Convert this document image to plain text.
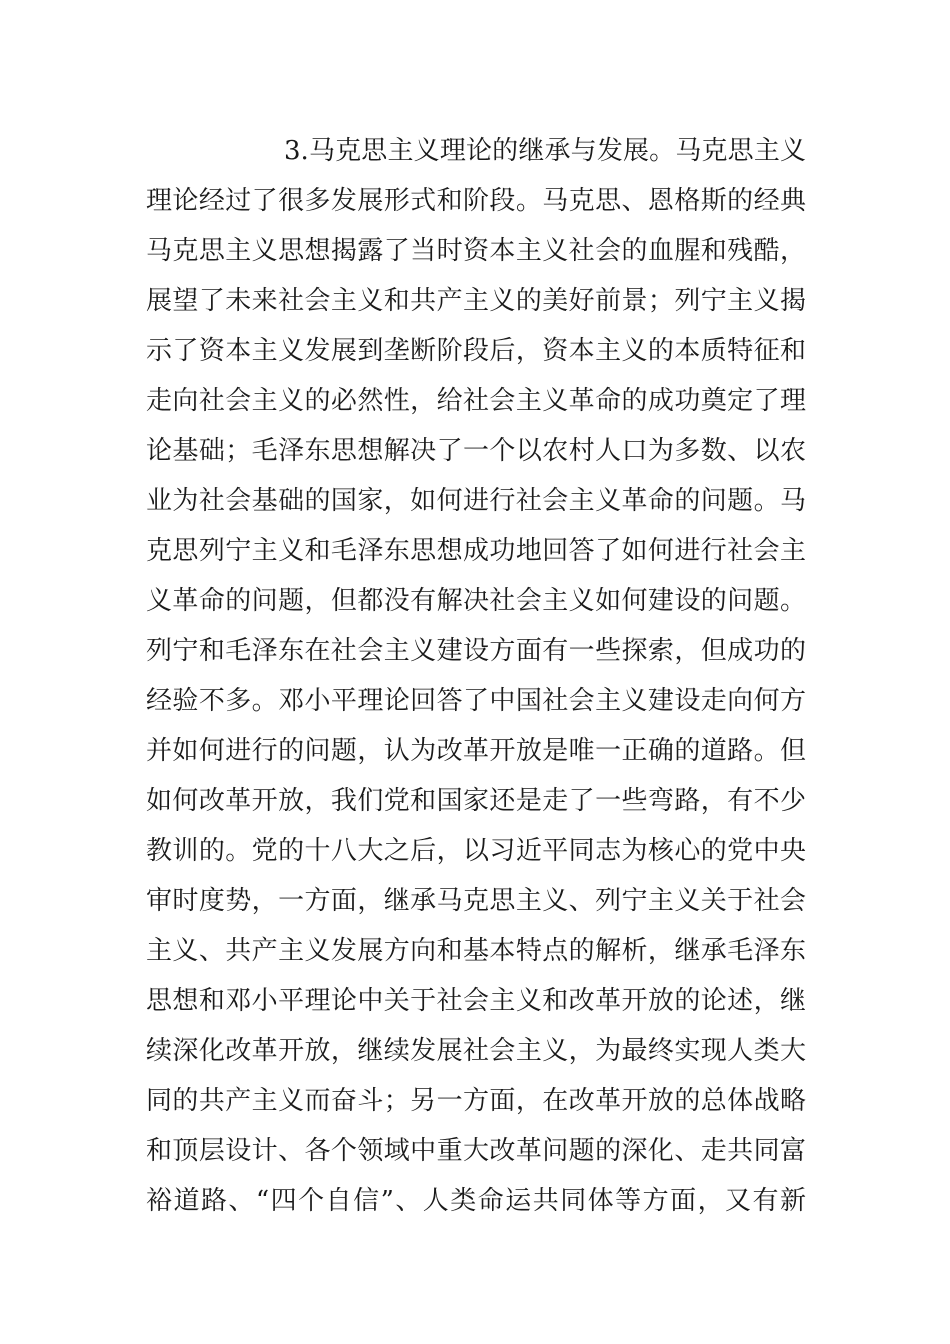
3.马克思主义理论的继承与发展。马克思主义
理论经过了很多发展形式和阶段。马克思、恩格斯的经典
马克思主义思想揭露了当时资本主义社会的血腥和残酷，
展望了未来社会主义和共产主义的美好前景；列宁主义揭
示了资本主义发展到垄断阶段后，资本主义的本质特征和
走向社会主义的必然性，给社会主义革命的成功奠定了理
论基础；毛泽东思想解决了一个以农村人口为多数、以农
业为社会基础的国家，如何进行社会主义革命的问题。马
克思列宁主义和毛泽东思想成功地回答了如何进行社会主
义革命的问题，但都没有解决社会主义如何建设的问题。
列宁和毛泽东在社会主义建设方面有一些探索，但成功的
经验不多。邓小平理论回答了中国社会主义建设走向何方
并如何进行的问题，认为改革开放是唯一正确的道路。但
如何改革开放，我们党和国家还是走了一些弯路，有不少
教训的。党的十八大之后，以习近平同志为核心的党中央
审时度势，一方面，继承马克思主义、列宁主义关于社会
主义、共产主义发展方向和基本特点的解析，继承毛泽东
思想和邓小平理论中关于社会主义和改革开放的论述，继
续深化改革开放，继续发展社会主义，为最终实现人类大
同的共产主义而奋斗；另一方面，在改革开放的总体战略
和顶层设计、各个领域中重大改革问题的深化、走共同富
裕道路、“四个自信”、人类命运共同体等方面，又有新
